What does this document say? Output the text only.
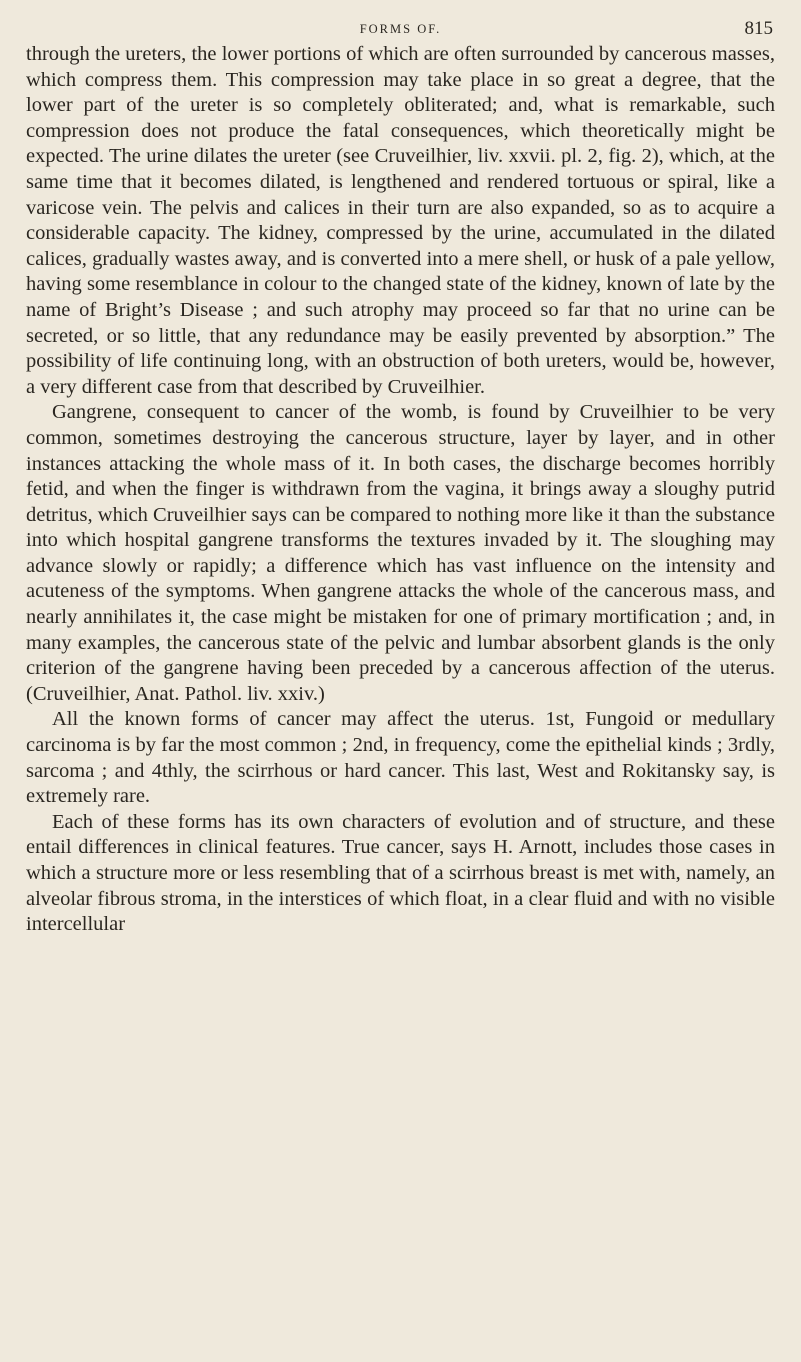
FORMS OF.	815

through the ureters, the lower portions of which are often surrounded by cancerous masses, which compress them. This compression may take place in so great a degree, that the lower part of the ureter is so completely obliterated; and, what is remarkable, such compression does not produce the fatal consequences, which theoretically might be expected. The urine dilates the ureter (see Cruveilhier, liv. xxvii. pl. 2, fig. 2), which, at the same time that it becomes dilated, is lengthened and rendered tortuous or spiral, like a varicose vein. The pelvis and calices in their turn are also expanded, so as to acquire a considerable capacity. The kidney, compressed by the urine, accumulated in the dilated calices, gradually wastes away, and is converted into a mere shell, or husk of a pale yellow, having some resemblance in colour to the changed state of the kidney, known of late by the name of Bright’s Disease ; and such atrophy may proceed so far that no urine can be secreted, or so little, that any redundance may be easily prevented by absorption.” The possibility of life continuing long, with an obstruction of both ureters, would be, however, a very different case from that described by Cruveilhier.

Gangrene, consequent to cancer of the womb, is found by Cruveilhier to be very common, sometimes destroying the cancerous structure, layer by layer, and in other instances attacking the whole mass of it. In both cases, the discharge becomes horribly fetid, and when the finger is withdrawn from the vagina, it brings away a sloughy putrid detritus, which Cruveilhier says can be compared to nothing more like it than the substance into which hospital gangrene transforms the textures invaded by it. The sloughing may advance slowly or rapidly; a difference which has vast influence on the intensity and acuteness of the symptoms. When gangrene attacks the whole of the cancerous mass, and nearly annihilates it, the case might be mistaken for one of primary mortification ; and, in many examples, the cancerous state of the pelvic and lumbar absorbent glands is the only criterion of the gangrene having been preceded by a cancerous affection of the uterus. (Cruveilhier, Anat. Pathol. liv. xxiv.)

All the known forms of cancer may affect the uterus. 1st, Fungoid or medullary carcinoma is by far the most common ; 2nd, in frequency, come the epithelial kinds ; 3rdly, sarcoma ; and 4thly, the scirrhous or hard cancer. This last, West and Rokitansky say, is extremely rare.

Each of these forms has its own characters of evolution and of structure, and these entail differences in clinical features. True cancer, says H. Arnott, includes those cases in which a structure more or less resembling that of a scirrhous breast is met with, namely, an alveolar fibrous stroma, in the interstices of which float, in a clear fluid and with no visible intercellular
